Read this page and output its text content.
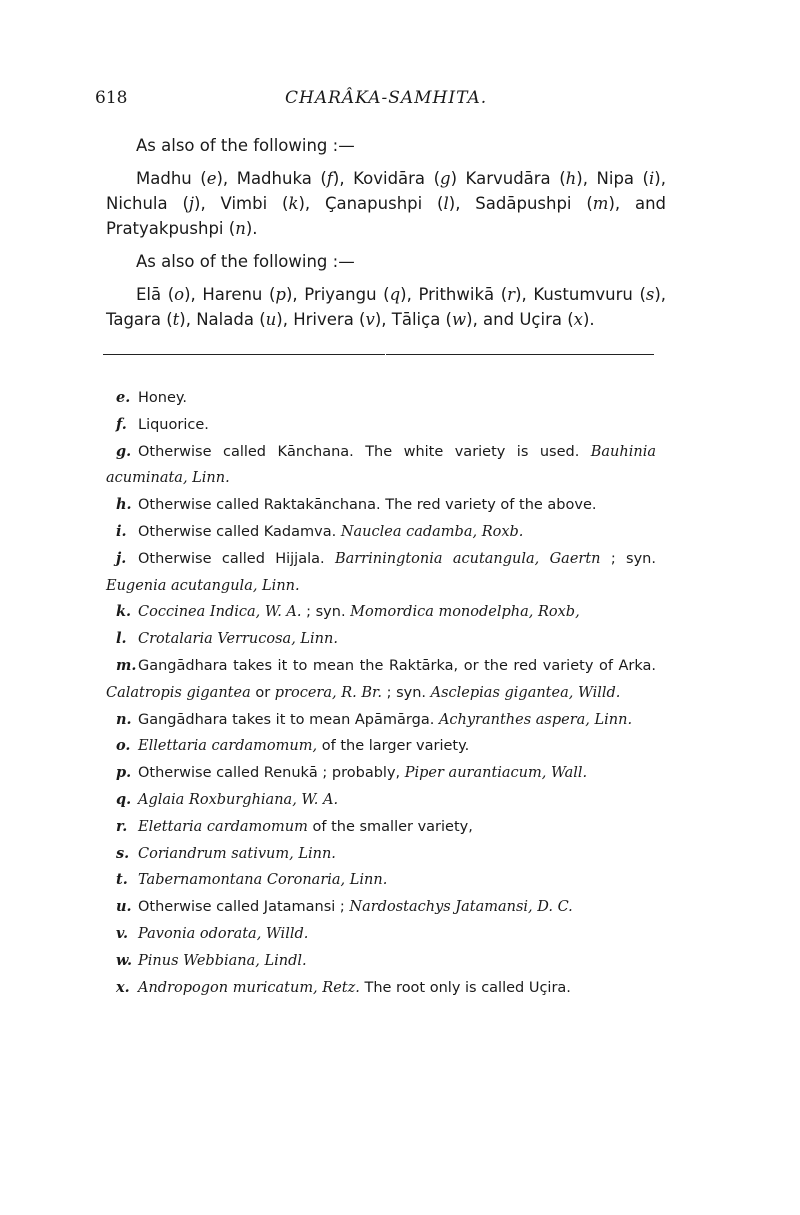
618	CHARÂKA-SAMHITA.

As also of the following :—

Madhu (e), Madhuka (f), Kovidāra (g) Karvudāra (h), Nipa (i), Nichula (j), Vimbi (k), Çanapushpi (l), Sadāpushpi (m), and Pratyakpushpi (n).

As also of the following :—

Elā (o), Harenu (p), Priyangu (q), Prithwikā (r), Kustumvuru (s), Tagara (t), Nalada (u), Hrivera (v), Tāliça (w), and Uçira (x).

e. Honey.

f. Liquorice.

g. Otherwise called Kānchana. The white variety is used. Bauhinia acuminata, Linn.

h. Otherwise called Raktakānchana. The red variety of the above.

i. Otherwise called Kadamva. Nauclea cadamba, Roxb.

j. Otherwise called Hijjala. Barriningtonia acutangula, Gaertn ; syn. Eugenia acutangula, Linn.

k. Coccinea Indica, W. A. ; syn. Momordica monodelpha, Roxb,

l. Crotalaria Verrucosa, Linn.

m. Gangādhara takes it to mean the Raktārka, or the red variety of Arka. Calatropis gigantea or procera, R. Br. ; syn. Asclepias gigantea, Willd.

n. Gangādhara takes it to mean Apāmārga. Achyranthes aspera, Linn.

o. Ellettaria cardamomum, of the larger variety.

p. Otherwise called Renukā ; probably, Piper aurantiacum, Wall.

q. Aglaia Roxburghiana, W. A.

r. Elettaria cardamomum of the smaller variety,

s. Coriandrum sativum, Linn.

t. Tabernamontana Coronaria, Linn.

u. Otherwise called Jatamansi ; Nardostachys Jatamansi, D. C.

v. Pavonia odorata, Willd.

w. Pinus Webbiana, Lindl.

x. Andropogon muricatum, Retz. The root only is called Uçira.
